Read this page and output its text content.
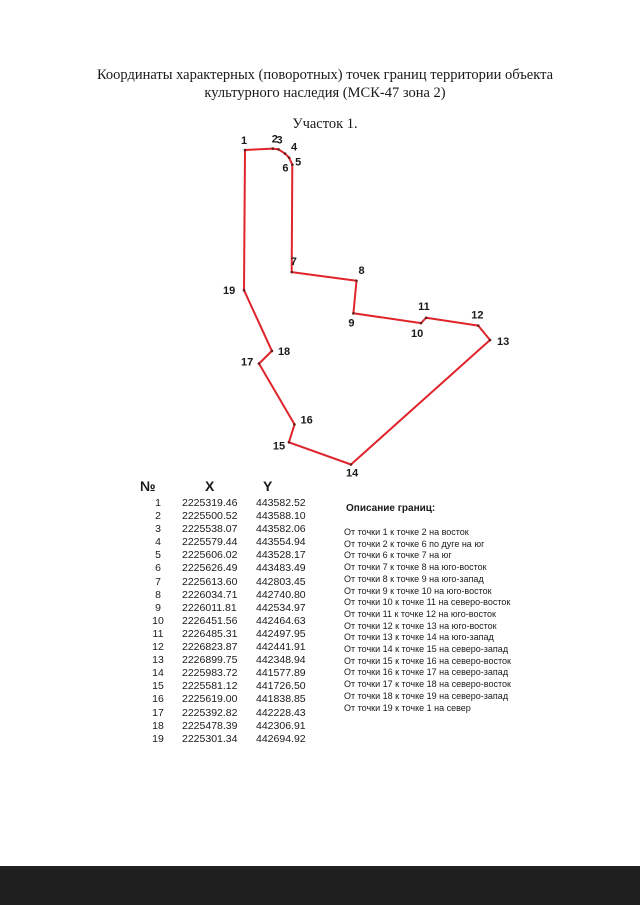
Координаты характерных (поворотных) точек границ территории объекта культурного наследия (МСК-47 зона 2)
Участок 1.
1 2
3
4
5
6
7
8
9
10
11
12
13
14
15
16
17
18
19
№	X	Y
1	2225319.46	443582.52
2	2225500.52	443588.10
3	2225538.07	443582.06
4	2225579.44	443554.94
5	2225606.02	443528.17
6	2225626.49	443483.49
7	2225613.60	442803.45
8	2226034.71	442740.80
9	2226011.81	442534.97
10	2226451.56	442464.63
11	2226485.31	442497.95
12	2226823.87	442441.91
13	2226899.75	442348.94
14	2225983.72	441577.89
15	2225581.12	441726.50
16	2225619.00	441838.85
17	2225392.82	442228.43
18	2225478.39	442306.91
19	2225301.34	442694.92
Описание границ:
От точки 1 к точке 2 на восток
От точки 2 к точке 6 по дуге на юг
От точки 6 к точке 7 на юг
От точки 7 к точке 8 на юго-восток
От точки 8 к точке 9 на юго-запад
От точки 9 к точке 10 на юго-восток
От точки 10 к точке 11 на северо-восток
От точки 11 к точке 12 на юго-восток
От точки 12 к точке 13 на юго-восток
От точки 13 к точке 14 на юго-запад
От точки 14 к точке 15 на северо-запад
От точки 15 к точке 16 на северо-восток
От точки 16 к точке 17 на северо-запад
От точки 17 к точке 18 на северо-восток
От точки 18 к точке 19 на северо-запад
От точки 19 к точке 1 на север
